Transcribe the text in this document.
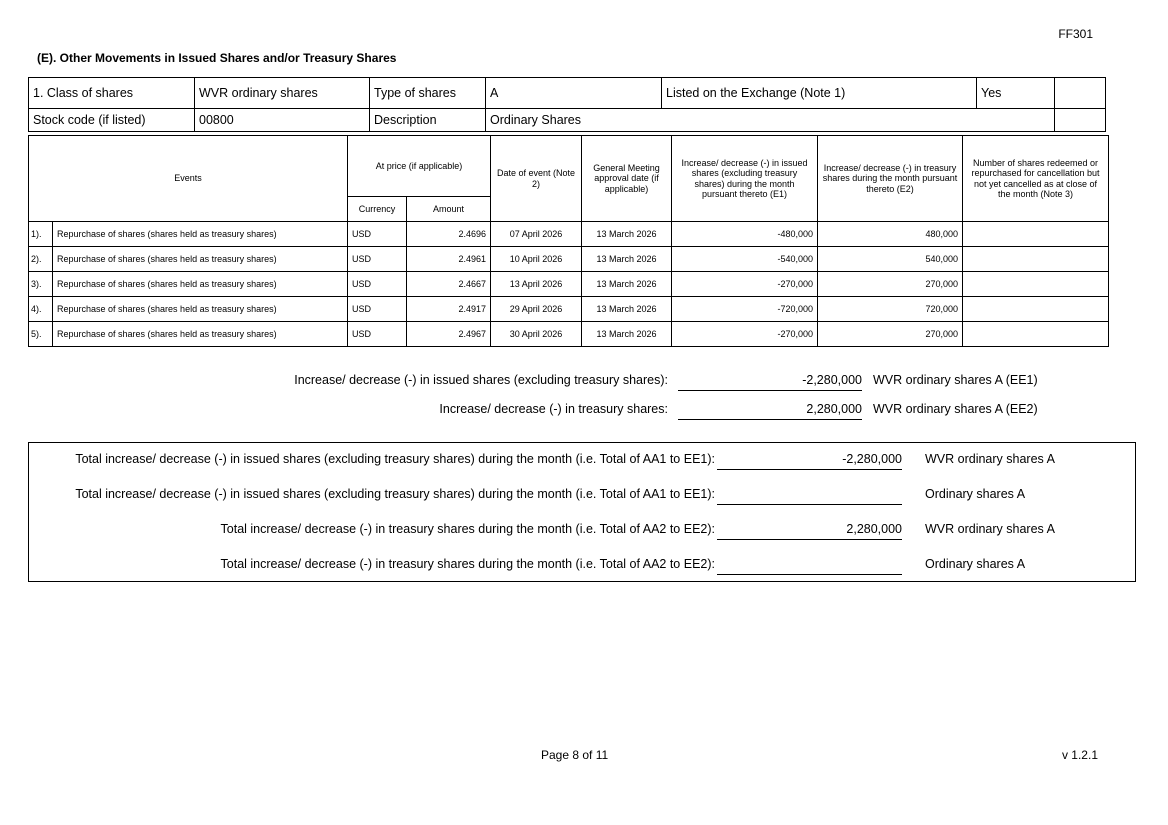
FF301
(E). Other Movements in Issued Shares and/or Treasury Shares
1. Class of shares	WVR ordinary shares	Type of shares	A	Listed on the Exchange (Note 1)	Yes	
Stock code (if listed)	00800	Description	Ordinary Shares			
Events		At price (if applicable)		Date of event (Note 2)	General Meeting approval date (if applicable)	Increase/ decrease (-) in issued shares (excluding treasury shares) during the month pursuant thereto (E1)	Increase/ decrease (-) in treasury shares during the month pursuant thereto (E2)	Number of shares redeemed or repurchased for cancellation but not yet cancelled as at close of the month (Note 3)
		Currency	Amount					
1).	Repurchase of shares (shares held as treasury shares)	USD	2.4696	07 April 2026	13 March 2026	-480,000	480,000	
2).	Repurchase of shares (shares held as treasury shares)	USD	2.4961	10 April 2026	13 March 2026	-540,000	540,000	
3).	Repurchase of shares (shares held as treasury shares)	USD	2.4667	13 April 2026	13 March 2026	-270,000	270,000	
4).	Repurchase of shares (shares held as treasury shares)	USD	2.4917	29 April 2026	13 March 2026	-720,000	720,000	
5).	Repurchase of shares (shares held as treasury shares)	USD	2.4967	30 April 2026	13 March 2026	-270,000	270,000	
Increase/ decrease (-) in issued shares (excluding treasury shares):	-2,280,000 WVR ordinary shares A (EE1)
Increase/ decrease (-) in treasury shares:	2,280,000 WVR ordinary shares A (EE2)
Total increase/ decrease (-) in issued shares (excluding treasury shares) during the month (i.e. Total of AA1 to EE1):	-2,280,000 WVR ordinary shares A
Total increase/ decrease (-) in issued shares (excluding treasury shares) during the month (i.e. Total of AA1 to EE1):	Ordinary shares A
Total increase/ decrease (-) in treasury shares during the month (i.e. Total of AA2 to EE2):	2,280,000 WVR ordinary shares A
Total increase/ decrease (-) in treasury shares during the month (i.e. Total of AA2 to EE2):	Ordinary shares A
Page 8 of 11	v 1.2.1
